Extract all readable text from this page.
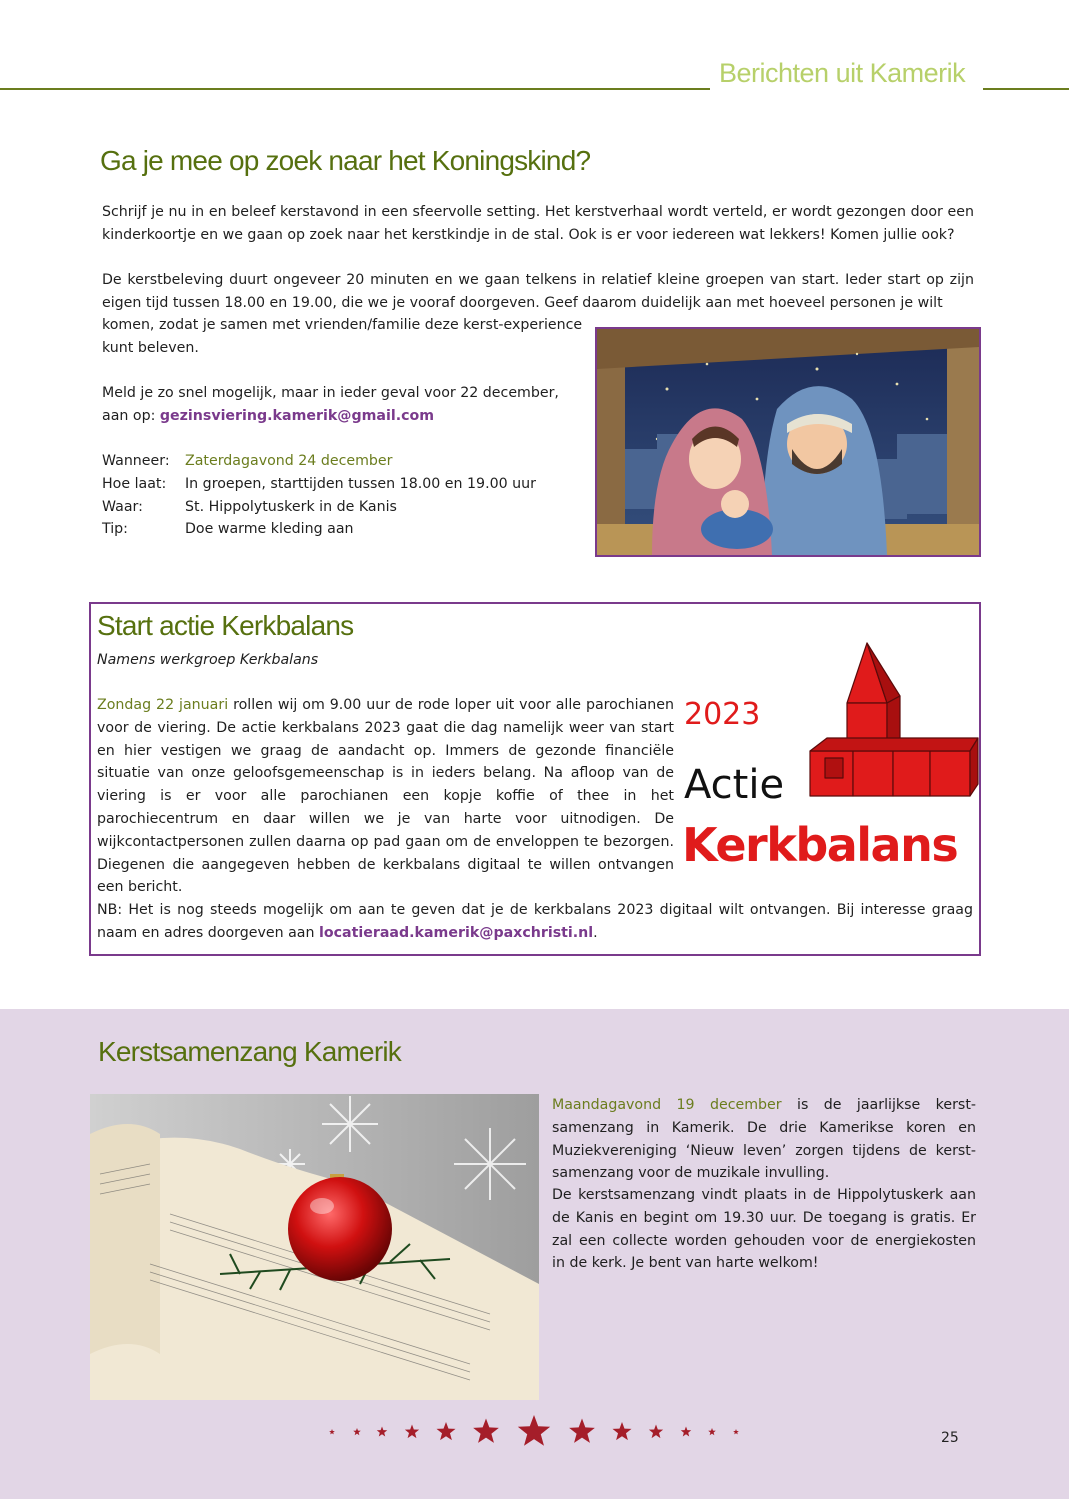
Berichten uit Kamerik
Ga je mee op zoek naar het Koningskind?
Schrijf je nu in en beleef kerstavond in een sfeervolle setting. Het kerstverhaal wordt verteld, er wordt gezongen door een kinderkoortje en we gaan op zoek naar het kerstkindje in de stal. Ook is er voor iedereen wat lekkers! Komen jullie ook?
De kerstbeleving duurt ongeveer 20 minuten en we gaan telkens in relatief kleine groepen van start. Ieder start op zijn eigen tijd tussen 18.00 en 19.00, die we je vooraf doorgeven. Geef daarom duidelijk aan met hoeveel personen je wilt
komen, zodat je samen met vrienden/familie deze kerst-experience kunt beleven.
Meld je zo snel mogelijk, maar in ieder geval voor 22 december, aan op: gezinsviering.kamerik@gmail.com
Wanneer:	Zaterdagavond 24 december
Hoe laat:	In groepen, starttijden tussen 18.00 en 19.00 uur
Waar:	St. Hippolytuskerk in de Kanis
Tip:	Doe warme kleding aan
Start actie Kerkbalans
Namens werkgroep Kerkbalans
Zondag 22 januari rollen wij om 9.00 uur de rode loper uit voor alle parochianen voor de viering. De actie kerkbalans 2023 gaat die dag namelijk weer van start en hier vestigen we graag de aandacht op. Immers de gezonde financiële situatie van onze geloofsgemeenschap is in ieders belang. Na afloop van de viering is er voor alle parochianen een kopje koffie of thee in het parochiecentrum en daar willen we je van harte voor uitnodigen. De wijkcontactpersonen zullen daarna op pad gaan om de enveloppen te bezorgen. Diegenen die aangegeven hebben de kerkbalans digitaal te willen ontvangen een bericht.
NB: Het is nog steeds mogelijk om aan te geven dat je de kerkbalans 2023 digitaal wilt ontvangen. Bij interesse graag naam en adres doorgeven aan locatieraad.kamerik@paxchristi.nl.
2023
Actie
Kerkbalans
Kerstsamenzang Kamerik
Maandagavond 19 december is de jaarlijkse kerst-samenzang in Kamerik. De drie Kamerikse koren en Muziekvereniging ‘Nieuw leven’ zorgen tijdens de kerst-samenzang voor de muzikale invulling.
De kerstsamenzang vindt plaats in de Hippolytuskerk aan de Kanis en begint om 19.30 uur. De toegang is gratis. Er zal een collecte worden gehouden voor de energiekosten in de kerk. Je bent van harte welkom!
25
